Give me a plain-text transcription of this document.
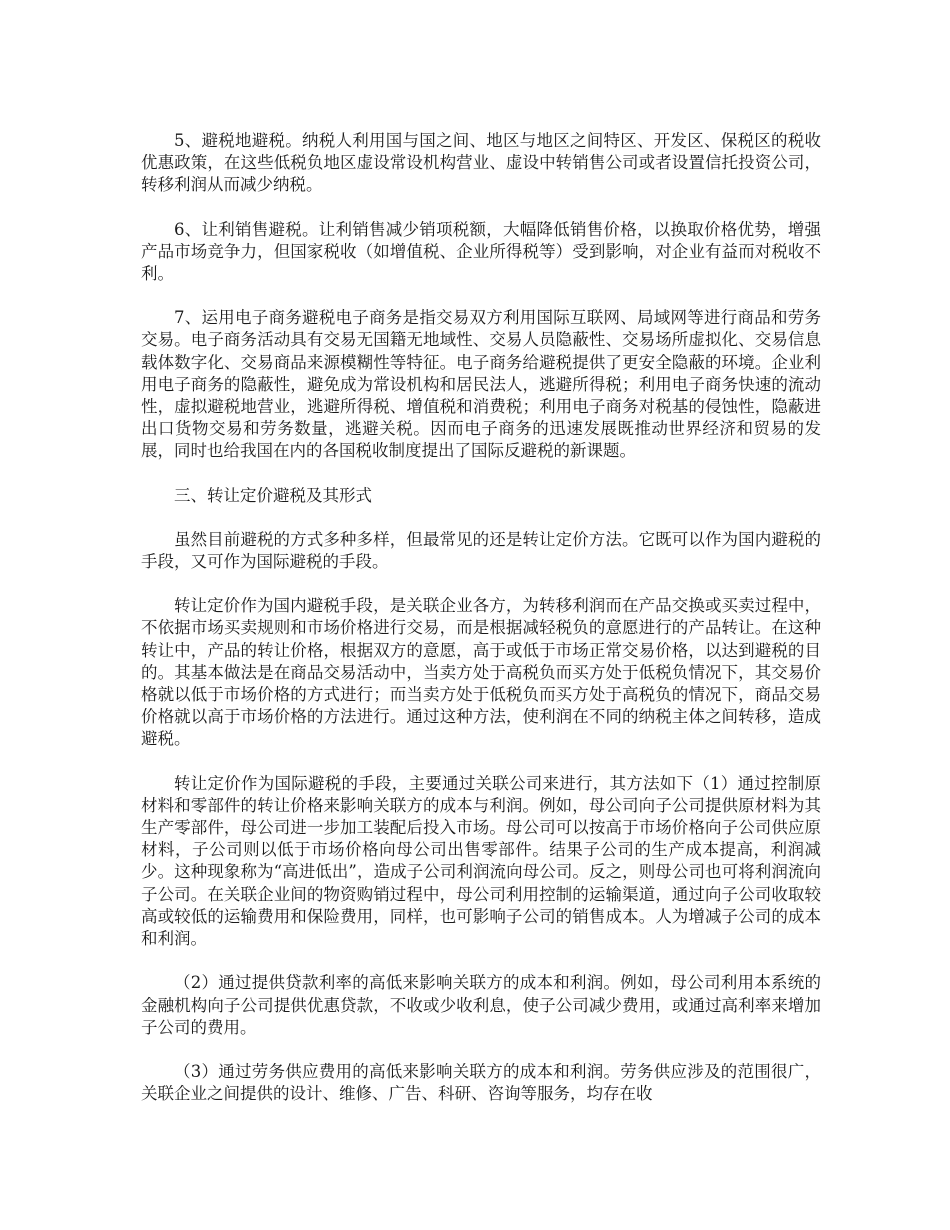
5、避税地避税。纳税人利用国与国之间、地区与地区之间特区、开发区、保税区的税收优惠政策，在这些低税负地区虚设常设机构营业、虚设中转销售公司或者设置信托投资公司，转移利润从而减少纳税。

6、让利销售避税。让利销售减少销项税额，大幅降低销售价格，以换取价格优势，增强产品市场竞争力，但国家税收（如增值税、企业所得税等）受到影响，对企业有益而对税收不利。

7、运用电子商务避税电子商务是指交易双方利用国际互联网、局域网等进行商品和劳务交易。电子商务活动具有交易无国籍无地域性、交易人员隐蔽性、交易场所虚拟化、交易信息载体数字化、交易商品来源模糊性等特征。电子商务给避税提供了更安全隐蔽的环境。企业利用电子商务的隐蔽性，避免成为常设机构和居民法人，逃避所得税；利用电子商务快速的流动性，虚拟避税地营业，逃避所得税、增值税和消费税；利用电子商务对税基的侵蚀性，隐蔽进出口货物交易和劳务数量，逃避关税。因而电子商务的迅速发展既推动世界经济和贸易的发展，同时也给我国在内的各国税收制度提出了国际反避税的新课题。

三、转让定价避税及其形式

虽然目前避税的方式多种多样，但最常见的还是转让定价方法。它既可以作为国内避税的手段，又可作为国际避税的手段。

转让定价作为国内避税手段，是关联企业各方，为转移利润而在产品交换或买卖过程中，不依据市场买卖规则和市场价格进行交易，而是根据减轻税负的意愿进行的产品转让。在这种转让中，产品的转让价格，根据双方的意愿，高于或低于市场正常交易价格，以达到避税的目的。其基本做法是在商品交易活动中，当卖方处于高税负而买方处于低税负情况下，其交易价格就以低于市场价格的方式进行；而当卖方处于低税负而买方处于高税负的情况下，商品交易价格就以高于市场价格的方法进行。通过这种方法，使利润在不同的纳税主体之间转移，造成避税。

转让定价作为国际避税的手段，主要通过关联公司来进行，其方法如下（1）通过控制原材料和零部件的转让价格来影响关联方的成本与利润。例如，母公司向子公司提供原材料为其生产零部件，母公司进一步加工装配后投入市场。母公司可以按高于市场价格向子公司供应原材料，子公司则以低于市场价格向母公司出售零部件。结果子公司的生产成本提高，利润减少。这种现象称为“高进低出”，造成子公司利润流向母公司。反之，则母公司也可将利润流向子公司。在关联企业间的物资购销过程中，母公司利用控制的运输渠道，通过向子公司收取较高或较低的运输费用和保险费用，同样，也可影响子公司的销售成本。人为增减子公司的成本和利润。

（2）通过提供贷款利率的高低来影响关联方的成本和利润。例如，母公司利用本系统的金融机构向子公司提供优惠贷款，不收或少收利息，使子公司减少费用，或通过高利率来增加子公司的费用。

（3）通过劳务供应费用的高低来影响关联方的成本和利润。劳务供应涉及的范围很广，关联企业之间提供的设计、维修、广告、科研、咨询等服务，均存在收
